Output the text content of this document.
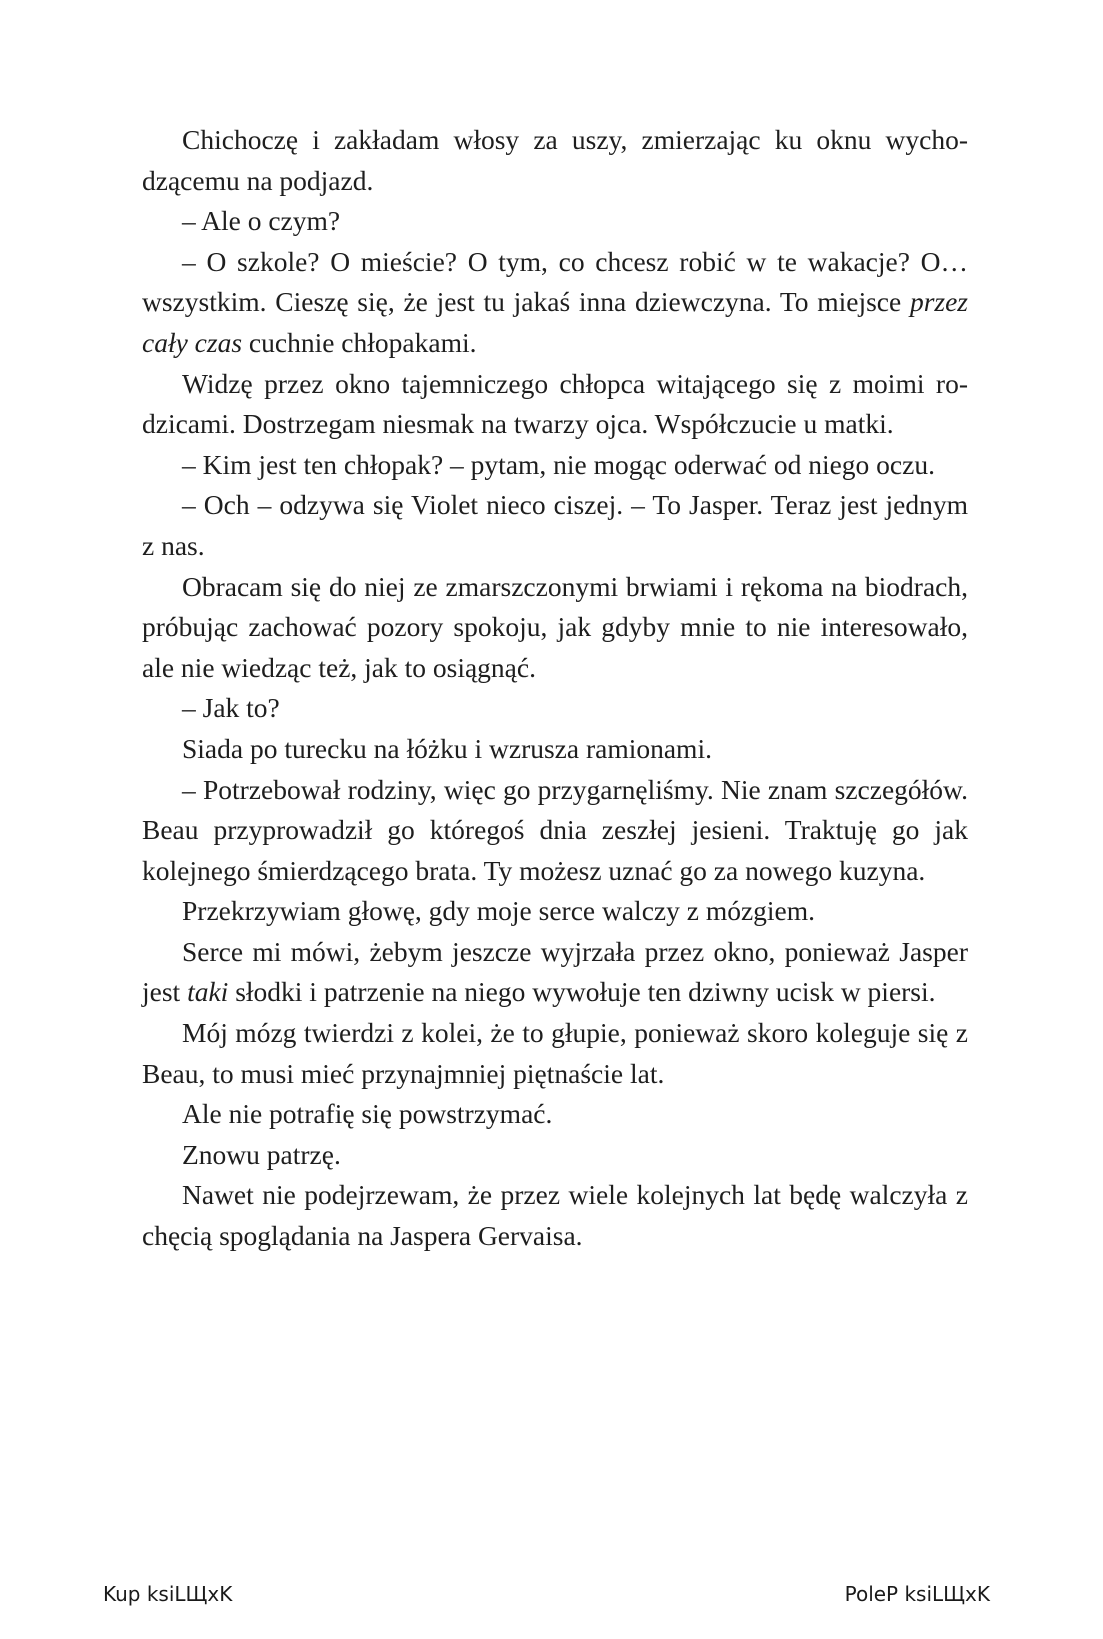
Chichoczę i zakładam włosy za uszy, zmierzając ku oknu wychodzącemu na podjazd.

– Ale o czym?

– O szkole? O mieście? O tym, co chcesz robić w te wakacje? O… wszystkim. Cieszę się, że jest tu jakaś inna dziewczyna. To miejsce przez cały czas cuchnie chłopakami.

Widzę przez okno tajemniczego chłopca witającego się z moimi rodzicami. Dostrzegam niesmak na twarzy ojca. Współczucie u matki.

– Kim jest ten chłopak? – pytam, nie mogąc oderwać od niego oczu.

– Och – odzywa się Violet nieco ciszej. – To Jasper. Teraz jest jednym z nas.

Obracam się do niej ze zmarszczonymi brwiami i rękoma na biodrach, próbując zachować pozory spokoju, jak gdyby mnie to nie interesowało, ale nie wiedząc też, jak to osiągnąć.

– Jak to?

Siada po turecku na łóżku i wzrusza ramionami.

– Potrzebował rodziny, więc go przygarnęliśmy. Nie znam szczegółów. Beau przyprowadził go któregoś dnia zeszłej jesieni. Traktuję go jak kolejnego śmierdzącego brata. Ty możesz uznać go za nowego kuzyna.

Przekrzywiam głowę, gdy moje serce walczy z mózgiem.

Serce mi mówi, żebym jeszcze wyjrzała przez okno, ponieważ Jasper jest taki słodki i patrzenie na niego wywołuje ten dziwny ucisk w piersi.

Mój mózg twierdzi z kolei, że to głupie, ponieważ skoro koleguje się z Beau, to musi mieć przynajmniej piętnaście lat.

Ale nie potrafię się powstrzymać.

Znowu patrzę.

Nawet nie podejrzewam, że przez wiele kolejnych lat będę walczyła z chęcią spoglądania na Jaspera Gervaisa.

Kup ksiLЩxK	PoleP ksiLЩxK
